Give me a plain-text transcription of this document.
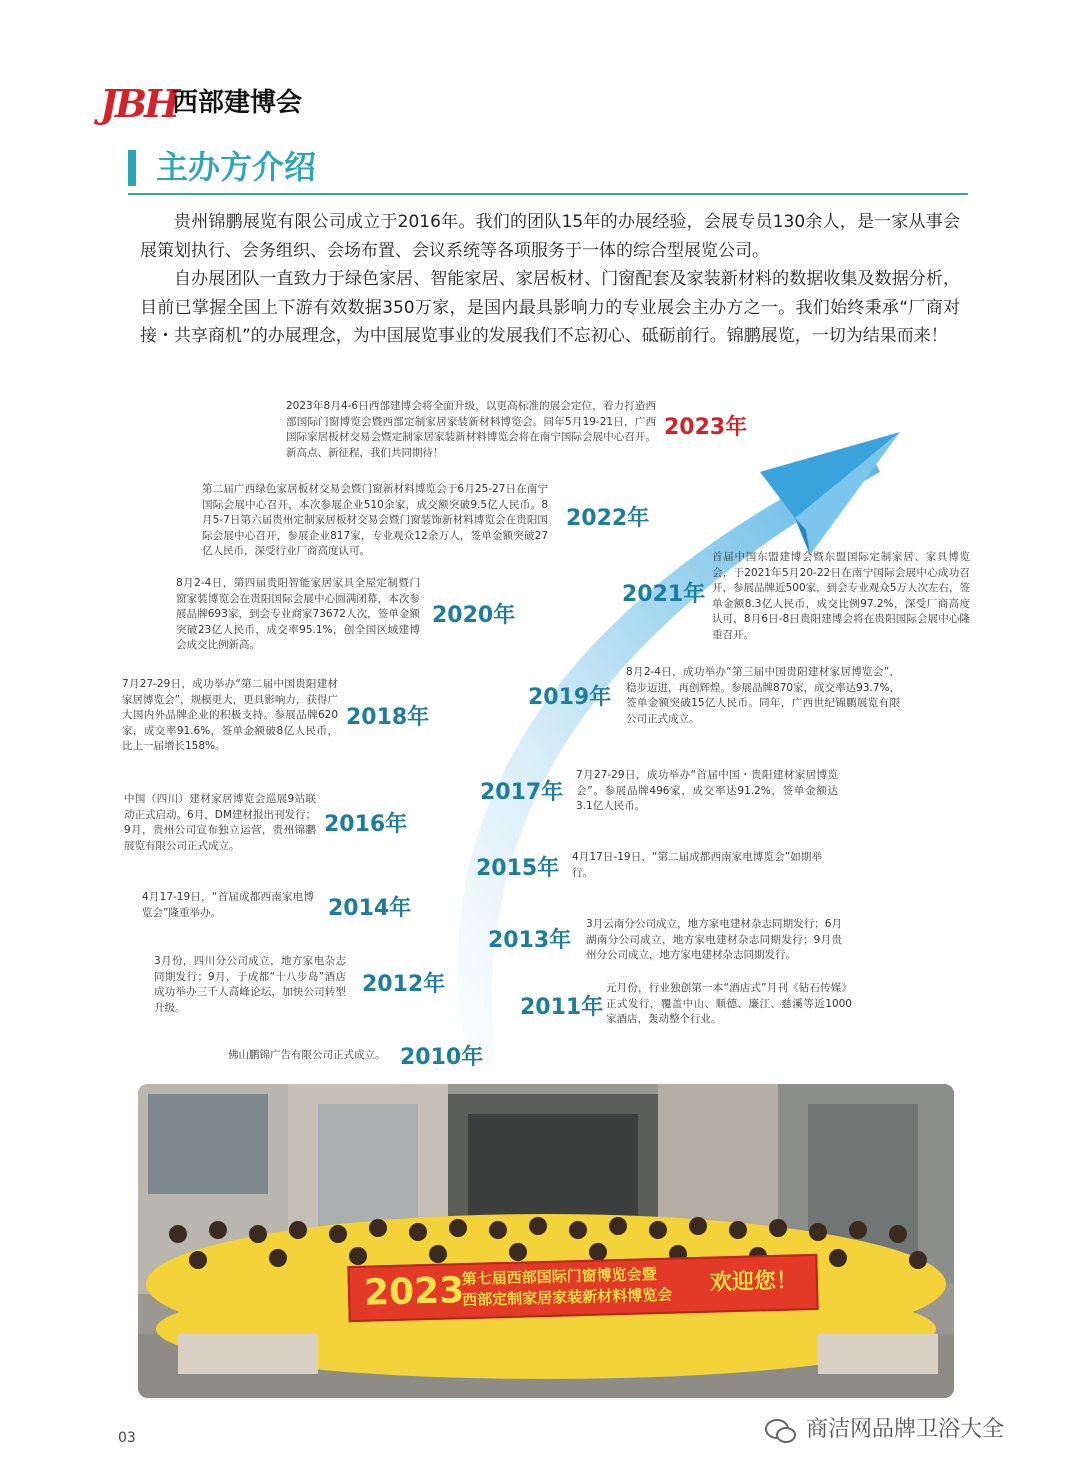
JBH
西部建博会
主办方介绍

贵州锦鹏展览有限公司成立于2016年。我们的团队15年的办展经验，会展专员130余人，是一家从事会展策划执行、会务组织、会场布置、会议系统等各项服务于一体的综合型展览公司。

自办展团队一直致力于绿色家居、智能家居、家居板材、门窗配套及家装新材料的数据收集及数据分析，目前已掌握全国上下游有效数据350万家，是国内最具影响力的专业展会主办方之一。我们始终秉承“厂商对接・共享商机”的办展理念，为中国展览事业的发展我们不忘初心、砥砺前行。锦鹏展览，一切为结果而来！

2023年
2023年8月4-6日西部建博会将全面升级，以更高标准的展会定位，着力打造西部国际门窗博览会暨西部定制家居家装新材料博览会。同年5月19-21日，广西国际家居板材交易会暨定制家居家装新材料博览会将在南宁国际会展中心召开。新高点、新征程，我们共同期待！
2022年
第二届广西绿色家居板材交易会暨门窗新材料博览会于6月25-27日在南宁国际会展中心召开，本次参展企业510余家，成交额突破9.5亿人民币。8月5-7日第六届贵州定制家居板材交易会暨门窗装饰新材料博览会在贵阳国际会展中心召开，参展企业817家，专业观众12余万人，签单金额突破27亿人民币，深受行业厂商高度认可。
2021年
首届中国东盟建博会暨东盟国际定制家居、家具博览会，于2021年5月20-22日在南宁国际会展中心成功召开，参展品牌近500家，到会专业观众5万人次左右，签单金额8.3亿人民币，成交比例97.2%，深受厂商高度认可，8月6日-8日贵阳建博会将在贵阳国际会展中心隆重召开。
2020年
8月2-4日，第四届贵阳智能家居家具全屋定制暨门窗家装博览会在贵阳国际会展中心圆满闭幕，本次参展品牌693家，到会专业商家73672人次，签单金额突破23亿人民币，成交率95.1%，创全国区域建博会成交比例新高。
2019年
8月2-4日，成功举办“第三届中国贵阳建材家居博览会”，稳步迈进，再创辉煌。参展品牌870家，成交率达93.7%，签单金额突破15亿人民币。同年，广西世纪锦鹏展览有限公司正式成立。
2018年
7月27-29日，成功举办“第二届中国贵阳建材家居博览会”，规模更大，更具影响力，获得广大国内外品牌企业的积极支持。参展品牌620家，成交率91.6%，签单金额破8亿人民币，比上一届增长158%。
2017年
7月27-29日，成功举办“首届中国・贵阳建材家居博览会”。参展品牌496家，成交率达91.2%，签单金额达3.1亿人民币。
2016年
中国（四川）建材家居博览会巡展9站联动正式启动。6月，DM建材报出刊发行；9月，贵州公司宣布独立运营，贵州锦鹏展览有限公司正式成立。
2015年 4月17日-19日，“第二届成都西南家电博览会”如期举行。
2014年
4月17-19日，“首届成都西南家电博览会”隆重举办。
2013年
3月云南分公司成立，地方家电建材杂志同期发行；6月湖南分公司成立，地方家电建材杂志同期发行；9月贵州分公司成立，地方家电建材杂志同期发行。
2012年
3月份，四川分公司成立，地方家电杂志同期发行；9月，于成都“十八步岛”酒店成功举办三千人高峰论坛，加快公司转型升级。	2011年
元月份，行业独创第一本“酒店式”月刊《钻石传媒》正式发行，覆盖中山、顺德、廉江、慈溪等近1000家酒店，轰动整个行业。
2010年
佛山鹏锦广告有限公司正式成立。
2023
第七届西部国际门窗博览会暨
西部定制家居家装新材料博览会
欢迎您！
03	商洁网品牌卫浴大全
